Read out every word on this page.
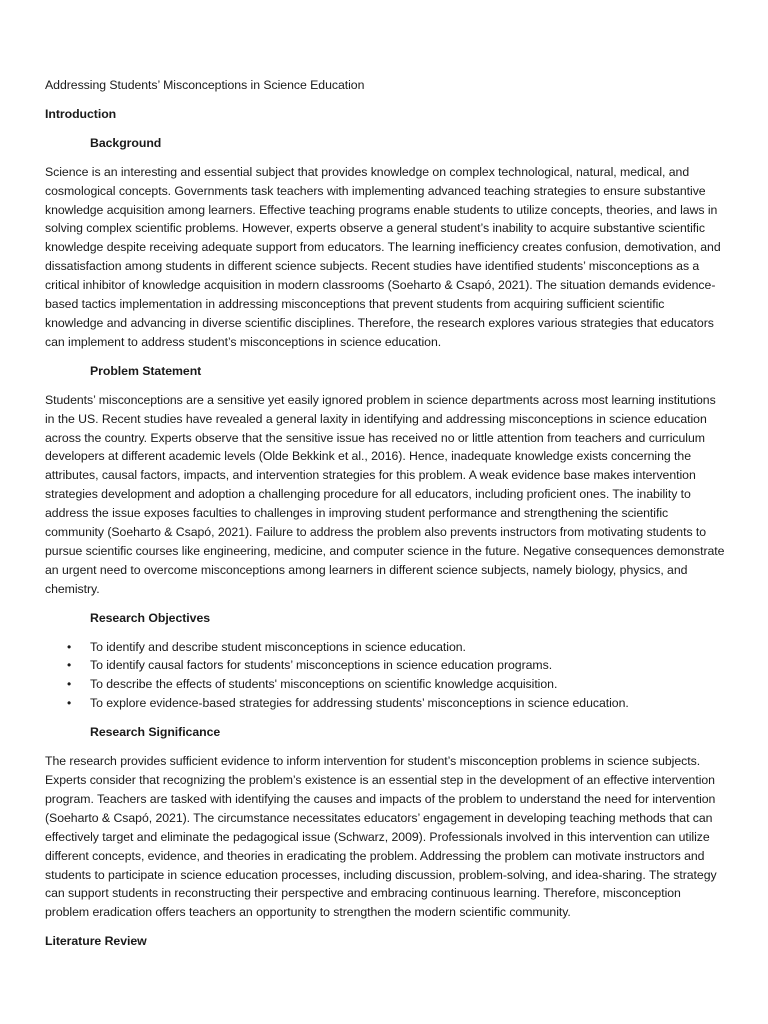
Addressing Students’ Misconceptions in Science Education

Introduction

Background

Science is an interesting and essential subject that provides knowledge on complex technological, natural, medical, and cosmological concepts. Governments task teachers with implementing advanced teaching strategies to ensure substantive knowledge acquisition among learners. Effective teaching programs enable students to utilize concepts, theories, and laws in solving complex scientific problems. However, experts observe a general student’s inability to acquire substantive scientific knowledge despite receiving adequate support from educators. The learning inefficiency creates confusion, demotivation, and dissatisfaction among students in different science subjects. Recent studies have identified students’ misconceptions as a critical inhibitor of knowledge acquisition in modern classrooms (Soeharto & Csapó, 2021). The situation demands evidence-based tactics implementation in addressing misconceptions that prevent students from acquiring sufficient scientific knowledge and advancing in diverse scientific disciplines. Therefore, the research explores various strategies that educators can implement to address student’s misconceptions in science education.

Problem Statement

Students’ misconceptions are a sensitive yet easily ignored problem in science departments across most learning institutions in the US. Recent studies have revealed a general laxity in identifying and addressing misconceptions in science education across the country. Experts observe that the sensitive issue has received no or little attention from teachers and curriculum developers at different academic levels (Olde Bekkink et al., 2016). Hence, inadequate knowledge exists concerning the attributes, causal factors, impacts, and intervention strategies for this problem. A weak evidence base makes intervention strategies development and adoption a challenging procedure for all educators, including proficient ones. The inability to address the issue exposes faculties to challenges in improving student performance and strengthening the scientific community (Soeharto & Csapó, 2021). Failure to address the problem also prevents instructors from motivating students to pursue scientific courses like engineering, medicine, and computer science in the future. Negative consequences demonstrate an urgent need to overcome misconceptions among learners in different science subjects, namely biology, physics, and chemistry.

Research Objectives

• To identify and describe student misconceptions in science education.
• To identify causal factors for students’ misconceptions in science education programs.
• To describe the effects of students' misconceptions on scientific knowledge acquisition.
• To explore evidence-based strategies for addressing students’ misconceptions in science education.

Research Significance

The research provides sufficient evidence to inform intervention for student’s misconception problems in science subjects. Experts consider that recognizing the problem’s existence is an essential step in the development of an effective intervention program. Teachers are tasked with identifying the causes and impacts of the problem to understand the need for intervention (Soeharto & Csapó, 2021). The circumstance necessitates educators’ engagement in developing teaching methods that can effectively target and eliminate the pedagogical issue (Schwarz, 2009). Professionals involved in this intervention can utilize different concepts, evidence, and theories in eradicating the problem. Addressing the problem can motivate instructors and students to participate in science education processes, including discussion, problem-solving, and idea-sharing. The strategy can support students in reconstructing their perspective and embracing continuous learning. Therefore, misconception problem eradication offers teachers an opportunity to strengthen the modern scientific community.

Literature Review
